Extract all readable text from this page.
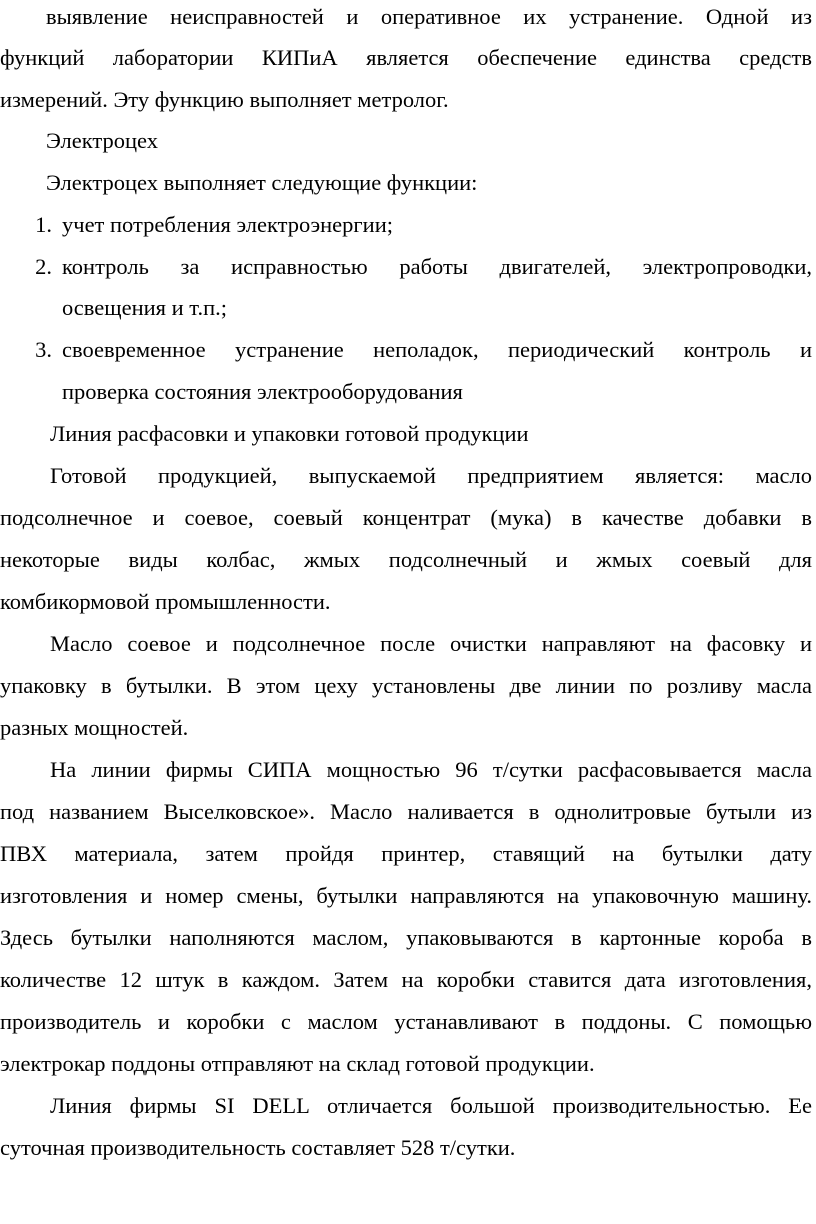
выявление неисправностей и оперативное их устранение. Одной из
функций лаборатории КИПиА является обеспечение единства средств
измерений. Эту функцию выполняет метролог.
Электроцех
Электроцех выполняет следующие функции:
1. учет потребления электроэнергии;
2. контроль за исправностью работы двигателей, электропроводки,
освещения и т.п.;
3. своевременное устранение неполадок, периодический контроль и
проверка состояния электрооборудования
Линия расфасовки и упаковки готовой продукции
Готовой продукцией, выпускаемой предприятием является: масло
подсолнечное и соевое, соевый концентрат (мука) в качестве добавки в
некоторые виды колбас, жмых подсолнечный и жмых соевый для
комбикормовой промышленности.
Масло соевое и подсолнечное после очистки направляют на фасовку и
упаковку в бутылки. В этом цеху установлены две линии по розливу масла
разных мощностей.
На линии фирмы СИПА мощностью 96 т/сутки расфасовывается масла
под названием Выселковское». Масло наливается в однолитровые бутыли из
ПВХ материала, затем пройдя принтер, ставящий на бутылки дату
изготовления и номер смены, бутылки направляются на упаковочную машину.
Здесь бутылки наполняются маслом, упаковываются в картонные короба в
количестве 12 штук в каждом. Затем на коробки ставится дата изготовления,
производитель и коробки с маслом устанавливают в поддоны. С помощью
электрокар поддоны отправляют на склад готовой продукции.
Линия фирмы SI DELL отличается большой производительностью. Ее
суточная производительность составляет 528 т/сутки.
